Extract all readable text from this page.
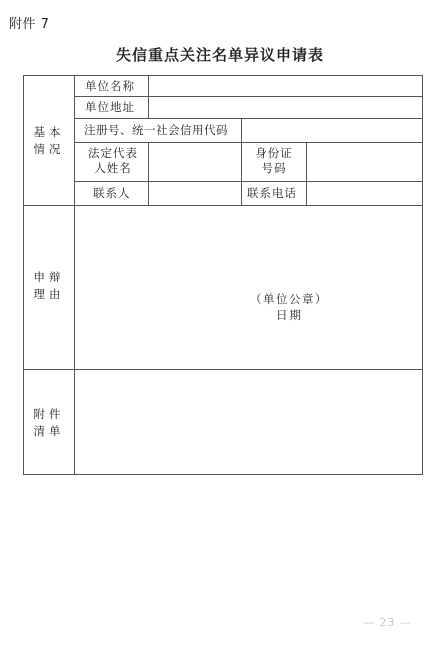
附件 7
失信重点关注名单异议申请表
基本
情况
单位名称
单位地址
注册号、统一社会信用代码
法定代表
人姓名
身份证
号码
联系人	联系电话
申辩
理由	（单位公章）
日期
附件
清单
— 23 —
